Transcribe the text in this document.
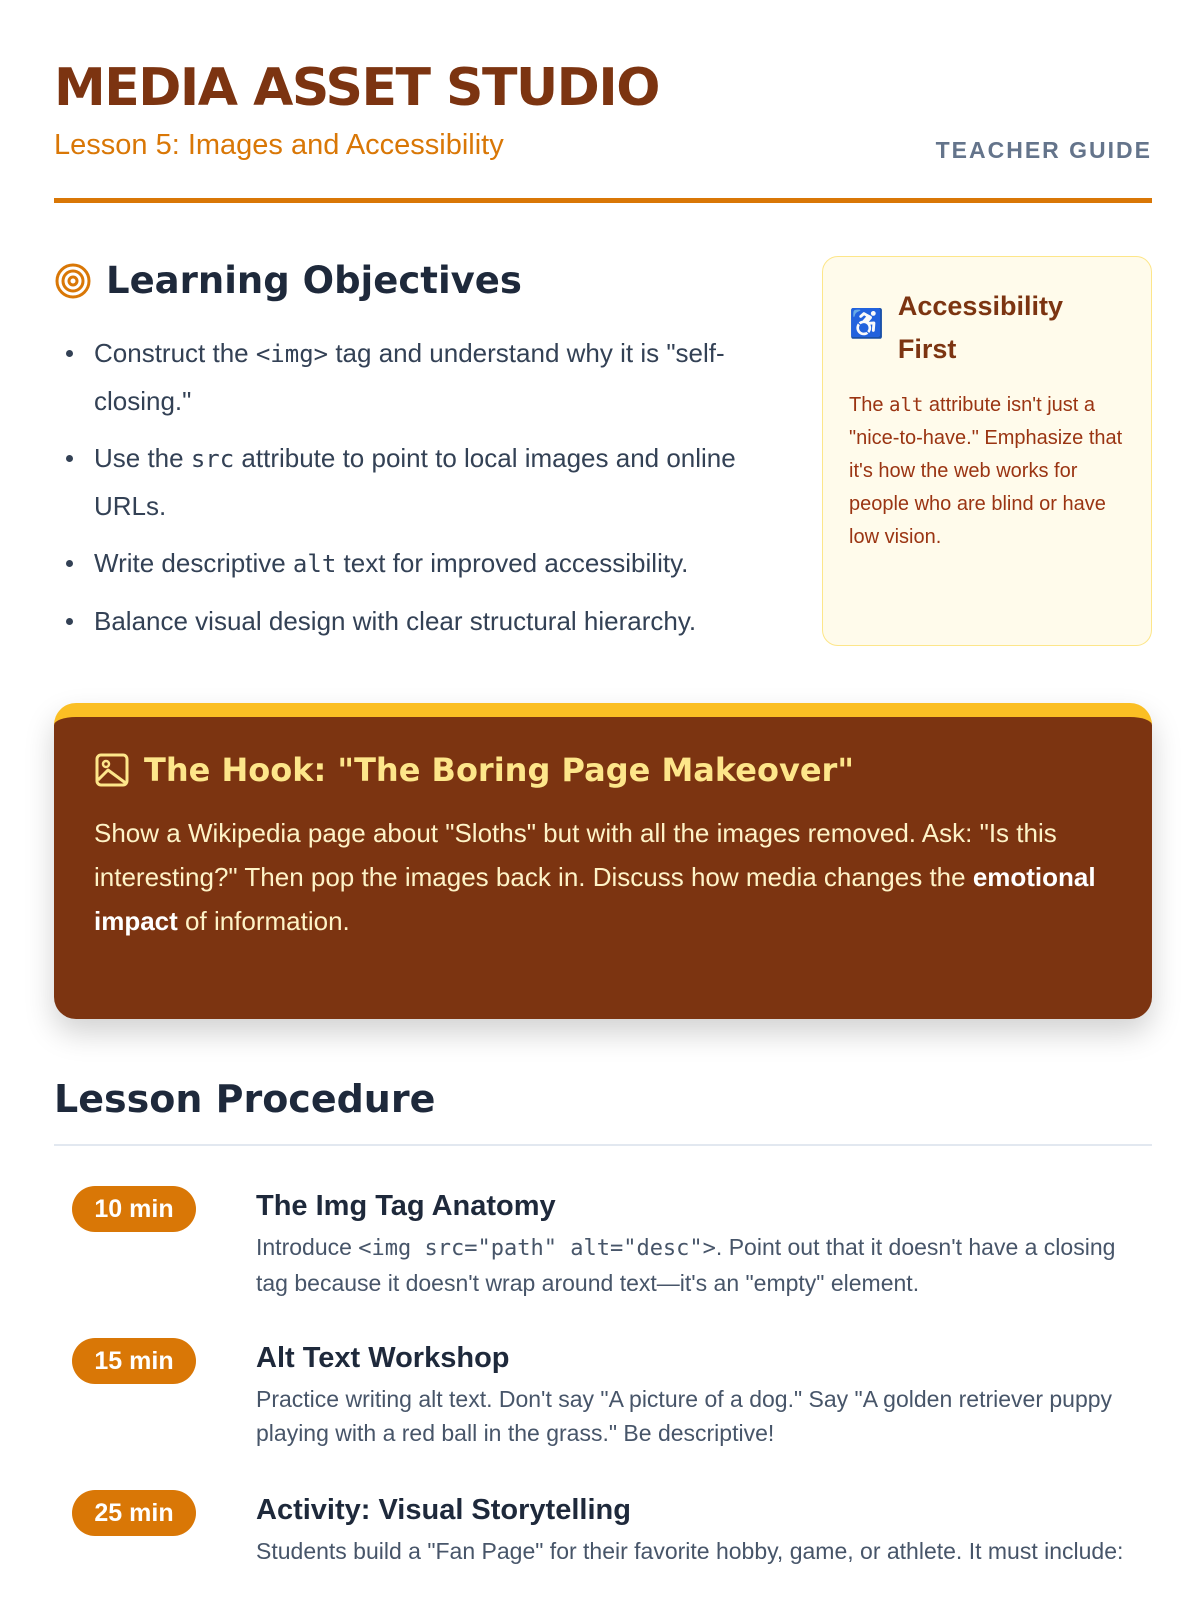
MEDIA ASSET STUDIO
Lesson 5: Images and Accessibility	TEACHER GUIDE
Learning Objectives
Construct the <img> tag and understand why it is "self-closing."
Use the src attribute to point to local images and online URLs.
Write descriptive alt text for improved accessibility.
Balance visual design with clear structural hierarchy.
♿
Accessibility First

The alt attribute isn't just a "nice-to-have." Emphasize that it's how the web works for people who are blind or have low vision.

The Hook: "The Boring Page Makeover"

Show a Wikipedia page about "Sloths" but with all the images removed. Ask: "Is this interesting?" Then pop the images back in. Discuss how media changes the emotional impact of information.

Lesson Procedure
10 min	The Img Tag Anatomy

Introduce <img src="path" alt="desc">. Point out that it doesn't have a closing tag because it doesn't wrap around text—it's an "empty" element.

15 min	Alt Text Workshop

Practice writing alt text. Don't say "A picture of a dog." Say "A golden retriever puppy playing with a red ball in the grass." Be descriptive!

25 min	Activity: Visual Storytelling

Students build a "Fan Page" for their favorite hobby, game, or athlete. It must include:
